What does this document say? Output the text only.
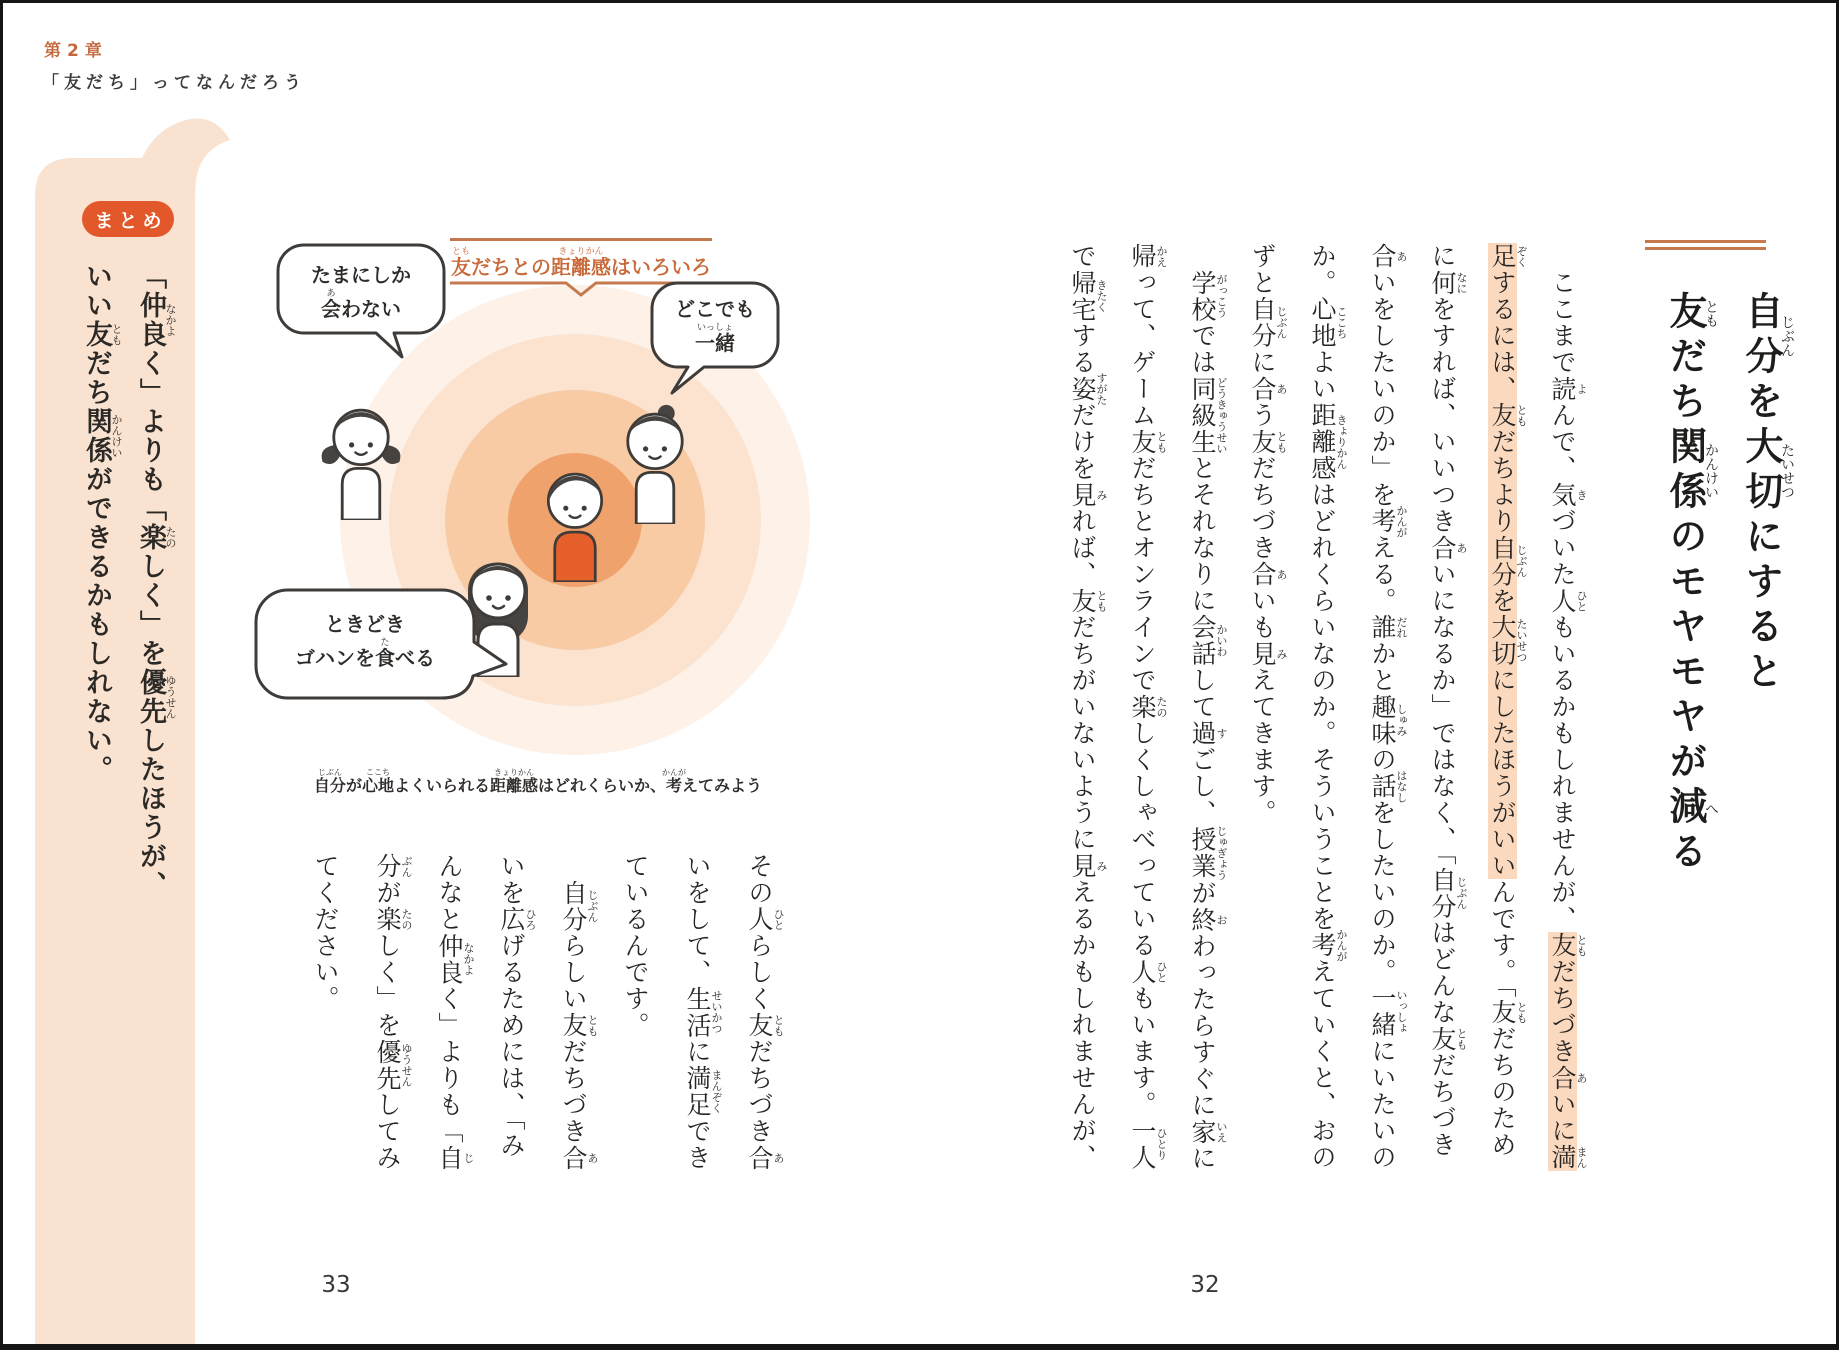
第2章
「友だち」ってなんだろう
まとめ
「仲良なかよく」よりも「楽たのしく」を優先ゆうせんしたほうが、
いい友ともだち関係かんけいができるかもしれない。
友ともだちとの距離感きょりかんはいろいろ
たまにしか
会あわない	どこでも
一緒いっしょ
ときどき
ゴハンを食たべる
自分じぶんが心地ここちよくいられる距離感きょりかんはどれくらいか、考かんがえてみよう
その人ひとらしく友ともだちづき合あ
いをして、生活せいかつに満足まんぞくでき
ているんです。
　自分じぶんらしい友ともだちづき合あ
いを広ひろげるためには、「み
んなと仲良なかよく」よりも「自じ
分ぶんが楽たのしく」を優先ゆうせんしてみ
てください。
33
自分じぶんを大切たいせつにすると
友ともだち関係かんけいのモヤモヤが減へる
　ここまで読よんで、気きづいた人ひともいるかもしれませんが、友ともだちづき合あいに満まん
足ぞくするには、友ともだちより自分じぶんを大切たいせつにしたほうがいいんです。「友ともだちのため
に何なにをすれば、いいつき合あいになるか」ではなく、「自分じぶんはどんな友ともだちづき
合あいをしたいのか」を考かんがえる。誰だれかと趣味しゅみの話はなしをしたいのか。一緒いっしょにいたいの
か。心地ここちよい距離感きょりかんはどれくらいなのか。そういうことを考かんがえていくと、おの
ずと自分じぶんに合あう友ともだちづき合あいも見みえてきます。
　学校がっこうでは同級生どうきゅうせいとそれなりに会話かいわして過すごし、授業じゅぎょうが終おわったらすぐに家いえに
帰かえって、ゲーム友ともだちとオンラインで楽たのしくしゃべっている人ひともいます。一人ひとり
で帰宅きたくする姿すがただけを見みれば、友ともだちがいないように見みえるかもしれませんが、
32
